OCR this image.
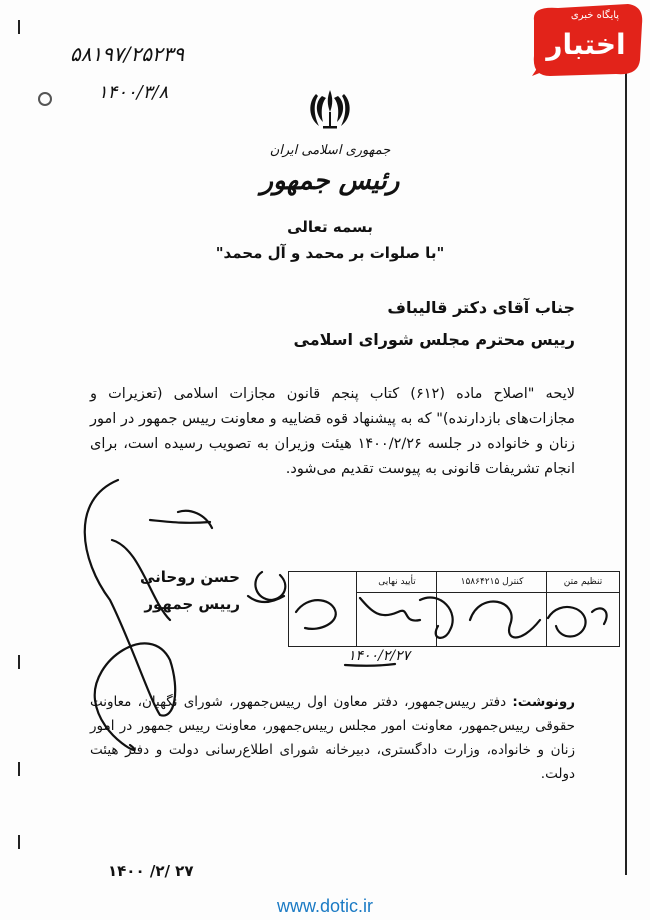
۵۸۱۹۷/۲۵۲۳۹
۱۴۰۰/۳/۸
پایگاه خبری
اختبار
جمهوری اسلامی ایران
رئیس جمهور
بسمه تعالی
"با صلوات بر محمد و آل محمد"
جناب آقای دکتر قالیباف
رییس محترم مجلس شورای اسلامی

لایحه "اصلاح ماده (۶۱۲) کتاب پنجم قانون مجازات اسلامی (تعزیرات و مجازات‌های بازدارنده)" که به پیشنهاد قوه قضاییه و معاونت رییس جمهور در امور زنان و خانواده در جلسه ۱۴۰۰/۲/۲۶ هیئت وزیران به تصویب رسیده است، برای انجام تشریفات قانونی به پیوست تقدیم می‌شود.

حسن روحانی
رییس جمهور
تنظیم متن
کنترل ۱۵۸۶۴۲۱۵
تأیید نهایی
۱۴۰۰/۲/۲۷

رونوشت: دفتر رییس‌جمهور، دفتر معاون اول رییس‌جمهور، شورای نگهبان، معاونت حقوقی رییس‌جمهور، معاونت امور مجلس رییس‌جمهور، معاونت رییس جمهور در امور زنان و خانواده، وزارت دادگستری، دبیرخانه شورای اطلاع‌رسانی دولت و دفتر هیئت دولت.

۱۴۰۰ /۲/ ۲۷
www.dotic.ir
